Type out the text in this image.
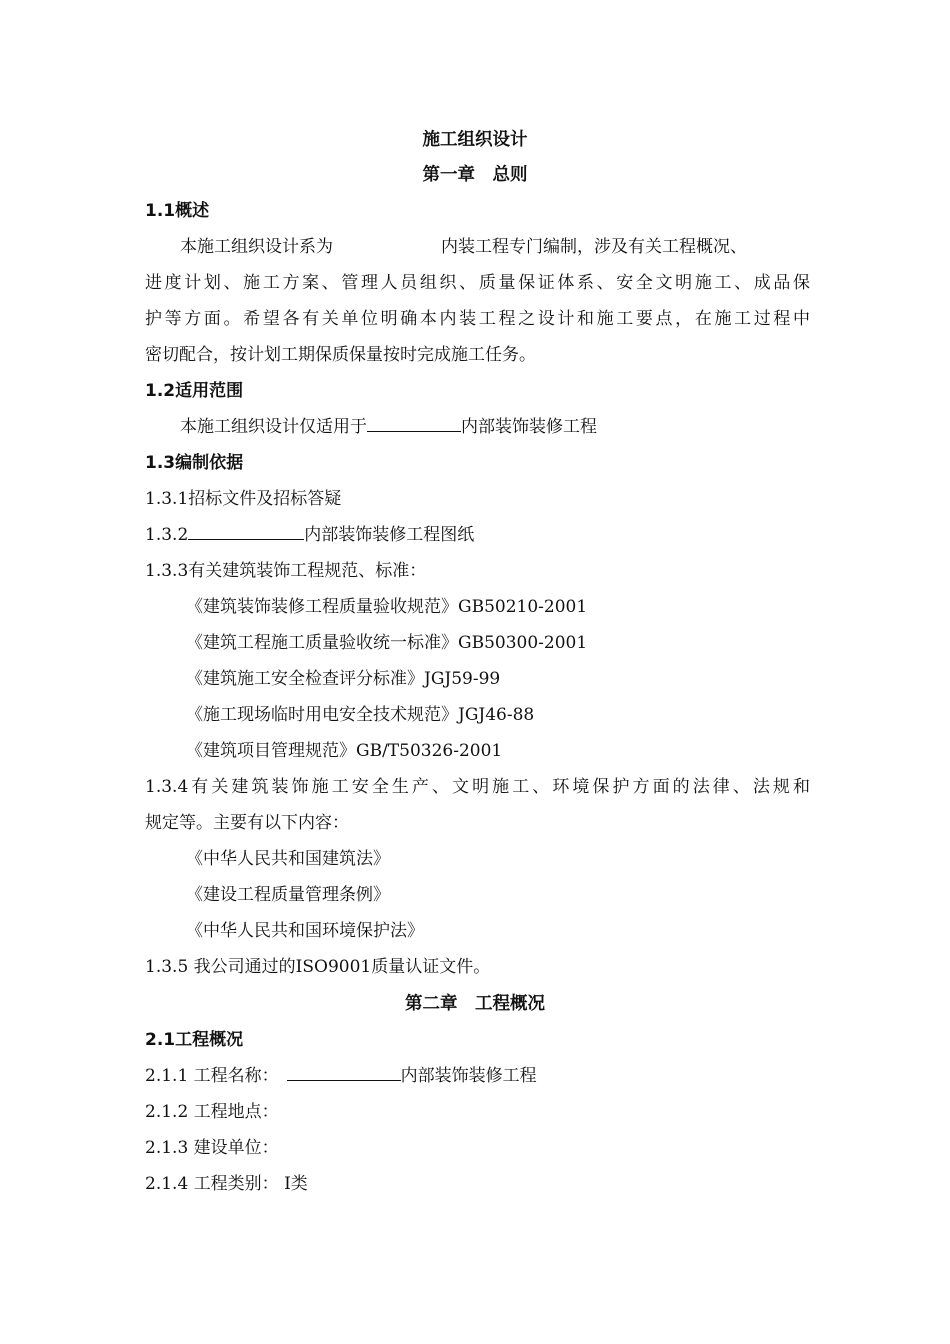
施工组织设计
第一章　总则
1.1概述
本施工组织设计系为	内装工程专门编制，涉及有关工程概况、
进度计划、施工方案、管理人员组织、质量保证体系、安全文明施工、成品保
护等方面。希望各有关单位明确本内装工程之设计和施工要点，在施工过程中
密切配合，按计划工期保质保量按时完成施工任务。
1.2适用范围
本施工组织设计仅适用于	内部装饰装修工程
1.3编制依据
1.3.1招标文件及招标答疑
1.3.2	内部装饰装修工程图纸
1.3.3有关建筑装饰工程规范、标准：
《建筑装饰装修工程质量验收规范》GB50210-2001
《建筑工程施工质量验收统一标准》GB50300-2001
《建筑施工安全检查评分标准》JGJ59-99
《施工现场临时用电安全技术规范》JGJ46-88
《建筑项目管理规范》GB/T50326-2001
1.3.4有关建筑装饰施工安全生产、文明施工、环境保护方面的法律、法规和
规定等。主要有以下内容：
《中华人民共和国建筑法》
《建设工程质量管理条例》
《中华人民共和国环境保护法》
1.3.5 我公司通过的ISO9001质量认证文件。
第二章　工程概况
2.1工程概况
2.1.1 工程名称：	内部装饰装修工程
2.1.2 工程地点：
2.1.3 建设单位：
2.1.4 工程类别： Ⅰ类
